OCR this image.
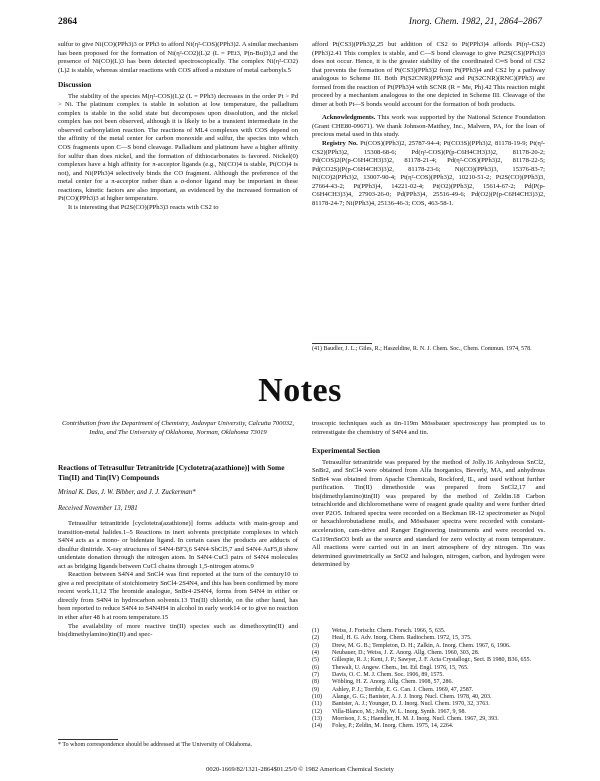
2864	Inorg. Chem. 1982, 21, 2864–2867

sulfur to give Ni(CO)(PPh3)3 or PPh3 to afford Ni(η²-COS)(PPh3)2. A similar mechanism has been proposed for the formation of Ni(η²-CO2)(L)2 (L = PEt3, P(n-Bu)3),2 and the presence of Ni(CO)(L)3 has been detected spectroscopically. The complex Ni(η²-CO2)(L)2 is stable, whereas similar reactions with COS afford a mixture of metal carbonyls.5

Discussion

The stability of the species M(η²-COS)(L)2 (L = PPh3) decreases in the order Pt > Pd > Ni. The platinum complex is stable in solution at low temperature, the palladium complex is stable in the solid state but decomposes upon dissolution, and the nickel complex has not been observed, although it is likely to be a transient intermediate in the observed carbonylation reaction. The reactions of ML4 complexes with COS depend on the affinity of the metal center for carbon monoxide and sulfur, the species into which COS fragments upon C—S bond cleavage. Palladium and platinum have a higher affinity for sulfur than does nickel, and the formation of dithiocarbonates is favored. Nickel(0) complexes have a high affinity for π-acceptor ligands (e.g., Ni(CO)4 is stable, Pt(CO)4 is not), and Ni(PPh3)4 selectively binds the CO fragment. Although the preference of the metal center for a π-acceptor rather than a σ-donor ligand may be important in these reactions, kinetic factors are also important, as evidenced by the increased formation of Pt(CO)(PPh3)3 at higher temperature.

It is interesting that Pt2S(CO)(PPh3)3 reacts with CS2 to

afford Pt(CS3)(PPh3)2,25 but addition of CS2 to Pt(PPh3)4 affords Pt(η²-CS2)(PPh3)2.41 This complex is stable, and C—S bond cleavage to give Pt2S(CS)(PPh3)3 does not occur. Hence, it is the greater stability of the coordinated C═S bond of CS2 that prevents the formation of Pt(CS3)(PPh3)2 from Pt(PPh3)4 and CS2 by a pathway analogous to Scheme III. Both Pt(S2CNR)(PPh3)2 and Pt(S2CNR)(RNC)(PPh3) are formed from the reaction of Pt(PPh3)4 with SCNR (R = Me, Ph).42 This reaction might proceed by a mechanism analogous to the one depicted in Scheme III. Cleavage of the dimer at both Pt—S bonds would account for the formation of both products.

Acknowledgments. This work was supported by the National Science Foundation (Grant CHE80-09671). We thank Johnson-Matthey, Inc., Malvern, PA, for the loan of precious metal used in this study.

Registry No. Pt(COS)(PPh3)2, 25787-94-4; Pt(CO3S)(PPh3)2, 81178-19-9; Pt(η²-CS2)(PPh3)2, 15308-68-6; Pd(η²-COS)(P(p-C6H4CH3)3)2, 81178-20-2; Pd(COS)2(P(p-C6H4CH3)3)2, 81178-21-4; Pd(η²-COS)(PPh3)2, 81178-22-5; Pd(CO2S)(P(p-C6H4CH3)3)2, 81178-23-6; Ni(CO)(PPh3)3, 15376-83-7; Ni(CO)2(PPh3)2, 13007-90-4; Pt(η²-COS)(PPh3)2, 10210-51-2; Pt2S(CO)(PPh3)3, 27664-43-2; Pt(PPh3)4, 14221-02-4; Pt(O2)(PPh3)2, 15614-67-2; Pd(P(p-C6H4CH3)3)4, 27903-26-0; Pd(PPh3)4, 25516-49-6; Pd(O2)(P(p-C6H4CH3)3)2, 81178-24-7; Ni(PPh3)4, 25136-46-3; COS, 463-58-1.

(41) Baudler, J. L.; Giles, R.; Haszeldine, R. N. J. Chem. Soc., Chem. Commun. 1974, 578.
Notes
Contribution from the Department of Chemistry, Jadavpur University, Calcutta 700032, India, and The University of Oklahoma, Norman, Oklahoma 73019
Reactions of Tetrasulfur Tetranitride [Cyclotetra(azathione)] with Some Tin(II) and Tin(IV) Compounds
Mrinal K. Das, J. W. Bibber, and J. J. Zuckerman*
Received November 13, 1981

Tetrasulfur tetranitride [cyclotetra(azathione)] forms adducts with main-group and transition-metal halides.1–5 Reactions in inert solvents precipitate complexes in which S4N4 acts as a mono- or bidentate ligand. In certain cases the products are adducts of disulfur dinitride. X-ray structures of S4N4·BF3,6 S4N4·SbCl5,7 and S4N4·AsF5,8 show unidentate donation through the nitrogen atom. In S4N4·CuCl pairs of S4N4 molecules act as bridging ligands between CuCl chains through 1,5-nitrogen atoms.9

Reaction between S4N4 and SnCl4 was first reported at the turn of the century10 to give a red precipitate of stoichiometry SnCl4·2S4N4, and this has been confirmed by more recent work.11,12 The bromide analogue, SnBr4·2S4N4, forms from S4N4 in either or directly from S4N4 in hydrocarbon solvents.13 Tin(II) chloride, on the other hand, has been reported to reduce S4N4 to S4N4H4 in alcohol in early work14 or to give no reaction in ether after 48 h at room temperature.15

The availability of more reactive tin(II) species such as dimethoxytin(II) and bis(dimethylamino)tin(II) and spec-

* To whom correspondence should be addressed at The University of Oklahoma.

troscopic techniques such as tin-119m Mössbauer spectroscopy has prompted us to reinvestigate the chemistry of S4N4 and tin.

Experimental Section

Tetrasulfur tetranitride was prepared by the method of Jolly.16 Anhydrous SnCl2, SnBr2, and SnCl4 were obtained from Alfa Inorganics, Beverly, MA, and anhydrous SnBr4 was obtained from Apache Chemicals, Rockford, IL, and used without further purification. Tin(II) dimethoxide was prepared from SnCl2,17 and bis(dimethylamino)tin(II) was prepared by the method of Zeldin.18 Carbon tetrachloride and dichloromethane were of reagent grade quality and were further dried over P2O5. Infrared spectra were recorded on a Beckman IR-12 spectrometer as Nujol or hexachlorobutadiene mulls, and Mössbauer spectra were recorded with constant-acceleration, cam-drive and Ranger Engineering instruments and were recorded vs. Ca119mSnO3 both as the source and standard for zero velocity at room temperature. All reactions were carried out in an inert atmosphere of dry nitrogen. Tin was determined gravimetrically as SnO2 and halogen, nitrogen, carbon, and hydrogen were determined by

(1)	Weiss, J. Fortschr. Chem. Forsch. 1966, 5, 635.
(2)	Heal, H. G. Adv. Inorg. Chem. Radiochem. 1972, 15, 375.
(3)	Drew, M. G. B.; Templeton, D. H.; Zalkin, A. Inorg. Chem. 1967, 6, 1906.
(4)	Neubauer, D.; Weiss, J. Z. Anorg. Allg. Chem. 1960, 303, 28.
(5)	Gillespie, R. J.; Kent, J. P.; Sawyer, J. F. Acta Crystallogr., Sect. B 1980, B36, 655.
(6)	Thewalt, U. Angew. Chem., Int. Ed. Engl. 1976, 15, 765.
(7)	Davis, O. C. M. J. Chem. Soc. 1906, 89, 1575.
(8)	Wöbling, H. Z. Anorg. Allg. Chem. 1908, 57, 286.
(9)	Ashley, P. J.; Torrible, E. G. Can. J. Chem. 1969, 47, 2587.
(10)	Alange, G. G.; Banister, A. J. J. Inorg. Nucl. Chem. 1978, 40, 203.
(11)	Banister, A. J.; Younger, D. J. Inorg. Nucl. Chem. 1970, 32, 3763.
(12)	Villa-Blanco, M.; Jolly, W. L. Inorg. Synth. 1967, 9, 98.
(13)	Morrison, J. S.; Haendler, H. M. J. Inorg. Nucl. Chem. 1967, 29, 393.
(14)	Foley, P.; Zeldin, M. Inorg. Chem. 1975, 14, 2264.
0020-1669/82/1321-2864$01.25/0 © 1982 American Chemical Society
